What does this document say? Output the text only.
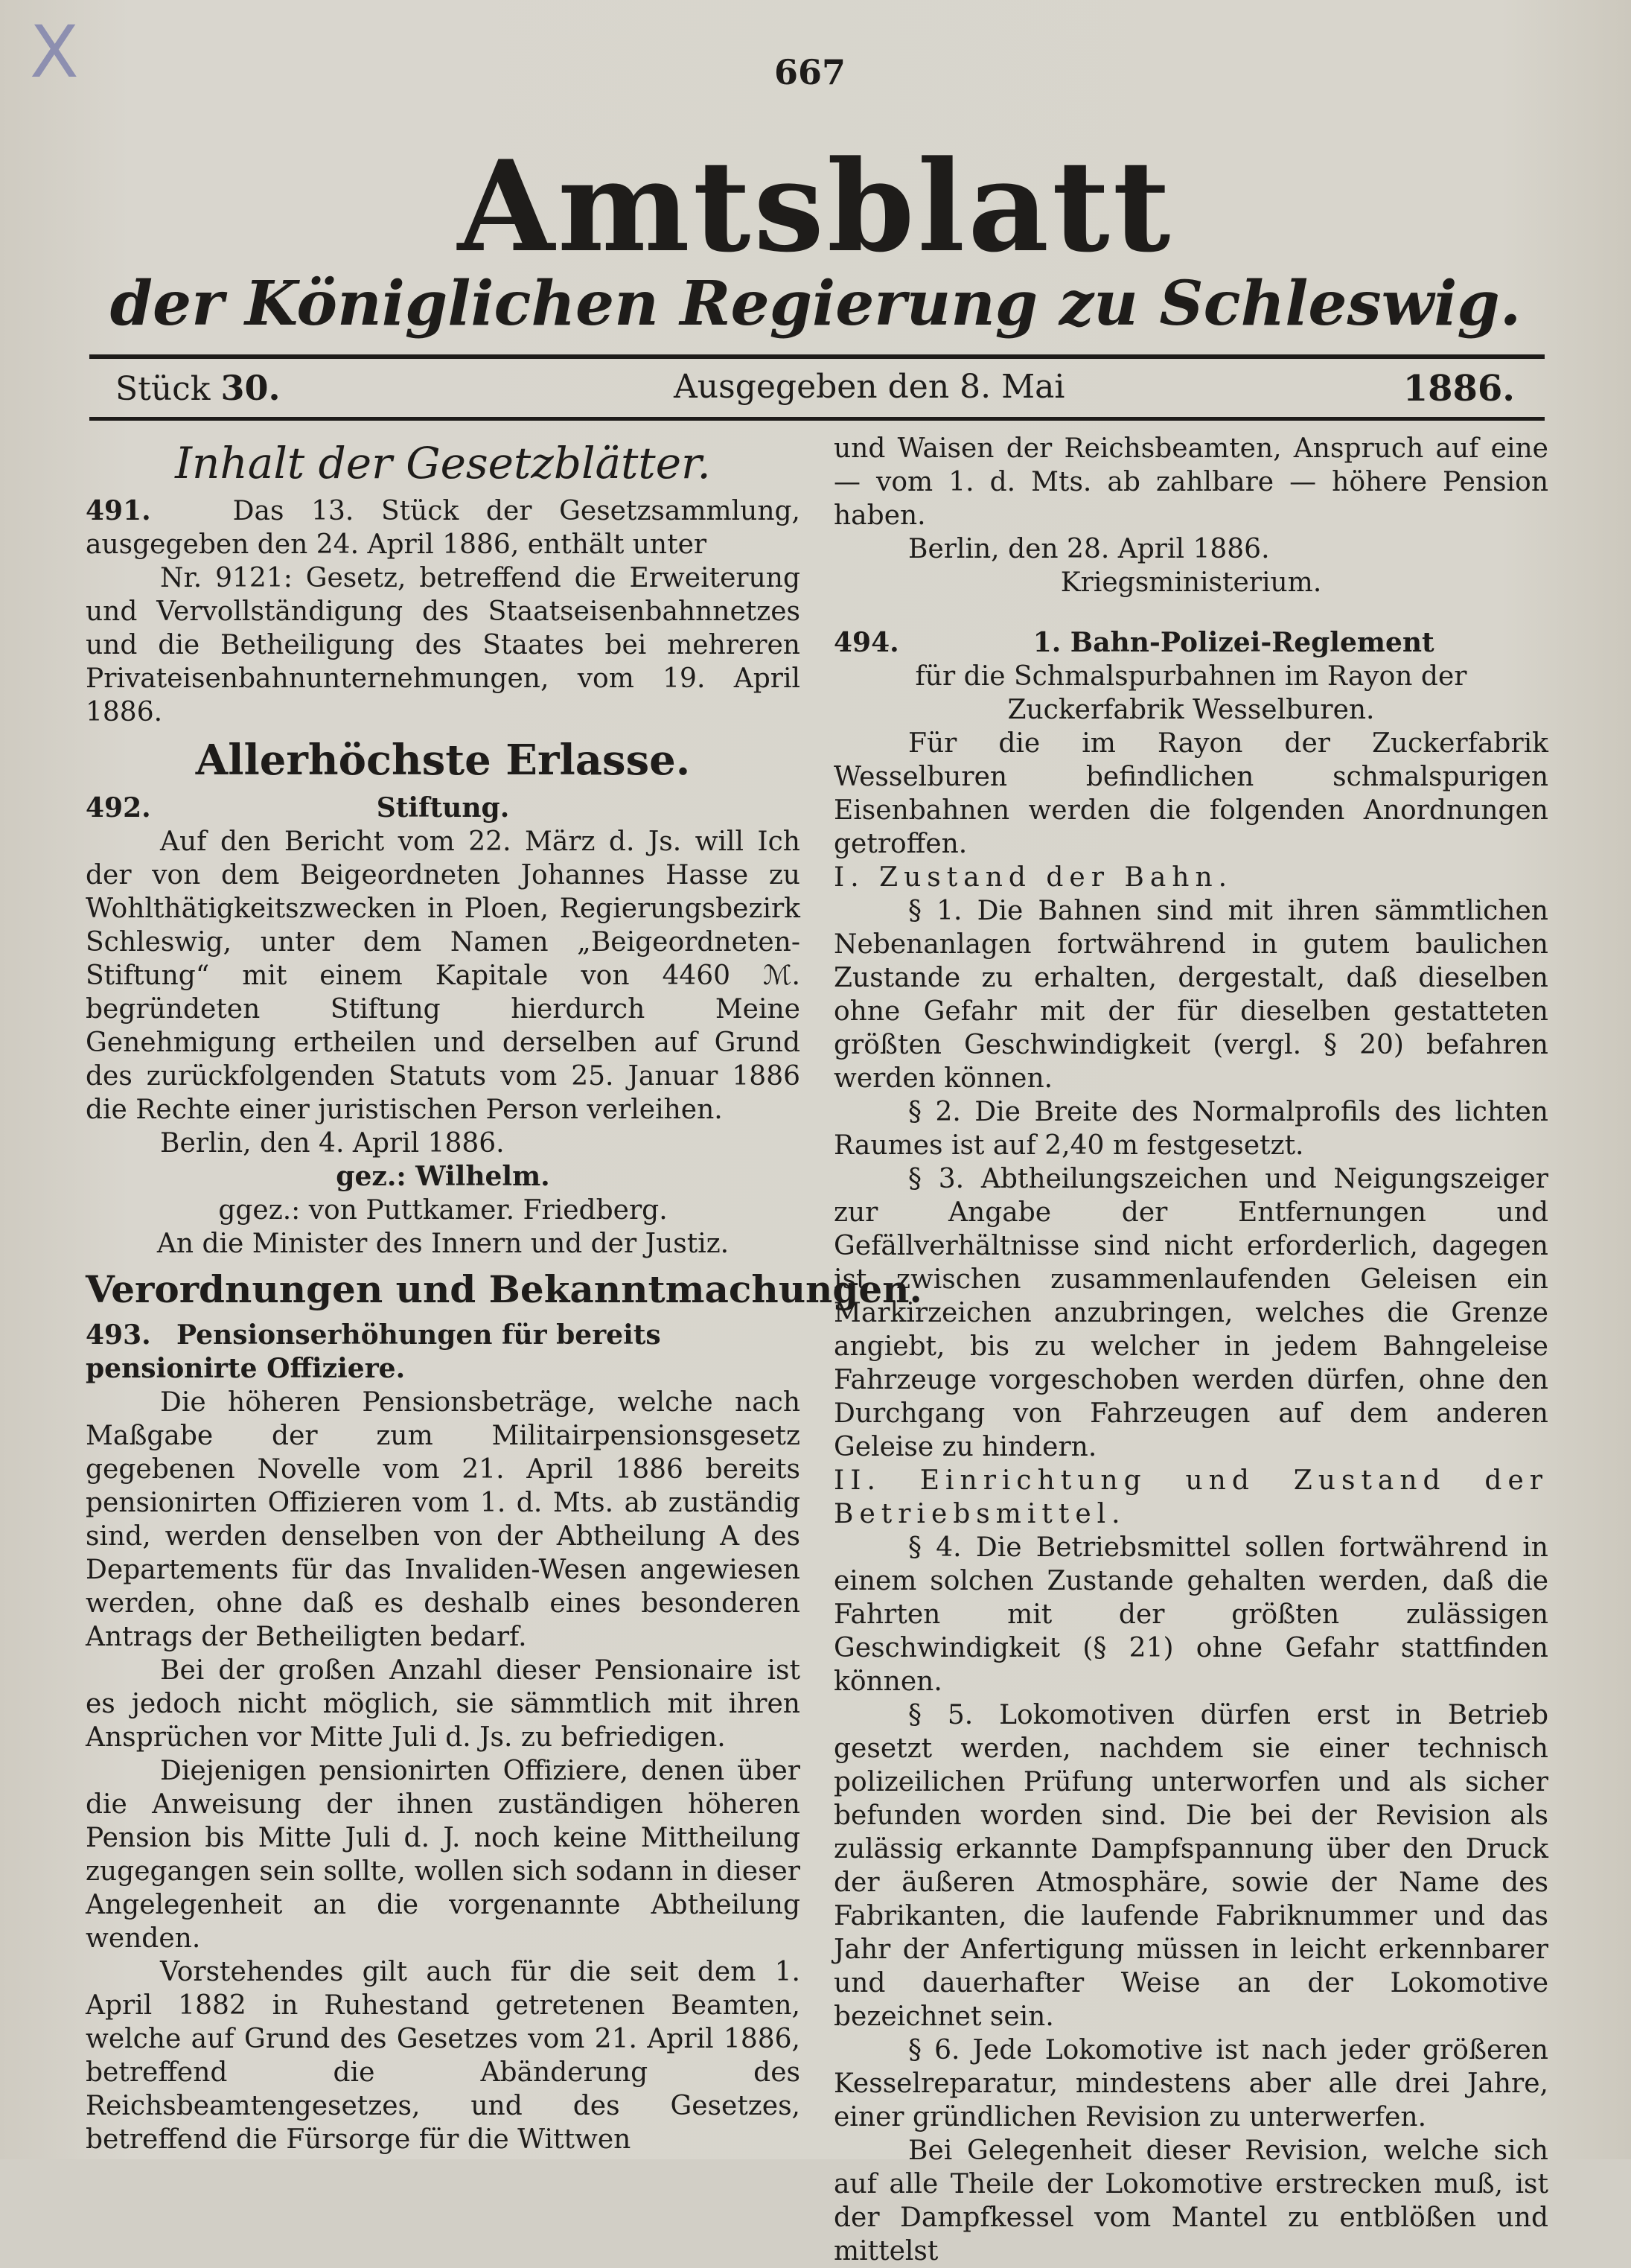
X	667
Amtsblatt
der Königlichen Regierung zu Schleswig.
Stück 30.	Ausgegeben den 8. Mai	1886.
Inhalt der Gesetzblätter.

491.	Das 13. Stück der Gesetzsammlung, ausgegeben den 24. April 1886, enthält unter

Nr. 9121: Gesetz, betreffend die Erweiterung und Vervollständigung des Staatseisenbahnnetzes und die Betheiligung des Staates bei mehreren Privateisenbahnunternehmungen, vom 19. April 1886.

Allerhöchste Erlasse.
492.	Stiftung.

Auf den Bericht vom 22. März d. Js. will Ich der von dem Beigeordneten Johannes Hasse zu Wohlthätigkeitszwecken in Ploen, Regierungsbezirk Schleswig, unter dem Namen „Beigeordneten-Stiftung“ mit einem Kapitale von 4460 ℳ. begründeten Stiftung hierdurch Meine Genehmigung ertheilen und derselben auf Grund des zurückfolgenden Statuts vom 25. Januar 1886 die Rechte einer juristischen Person verleihen.

Berlin, den 4. April 1886.

gez.: Wilhelm.

ggez.: von Puttkamer. Friedberg.

An die Minister des Innern und der Justiz.

Verordnungen und Bekanntmachungen.

493. Pensionserhöhungen für bereits pensionirte Offiziere.

Die höheren Pensionsbeträge, welche nach Maßgabe der zum Militairpensionsgesetz gegebenen Novelle vom 21. April 1886 bereits pensionirten Offizieren vom 1. d. Mts. ab zuständig sind, werden denselben von der Abtheilung A des Departements für das Invaliden-Wesen angewiesen werden, ohne daß es deshalb eines besonderen Antrags der Betheiligten bedarf.

Bei der großen Anzahl dieser Pensionaire ist es jedoch nicht möglich, sie sämmtlich mit ihren Ansprüchen vor Mitte Juli d. Js. zu befriedigen.

Diejenigen pensionirten Offiziere, denen über die Anweisung der ihnen zuständigen höheren Pension bis Mitte Juli d. J. noch keine Mittheilung zugegangen sein sollte, wollen sich sodann in dieser Angelegenheit an die vorgenannte Abtheilung wenden.

Vorstehendes gilt auch für die seit dem 1. April 1882 in Ruhestand getretenen Beamten, welche auf Grund des Gesetzes vom 21. April 1886, betreffend die Abänderung des Reichsbeamtengesetzes, und des Gesetzes, betreffend die Fürsorge für die Wittwen

und Waisen der Reichsbeamten, Anspruch auf eine — vom 1. d. Mts. ab zahlbare — höhere Pension haben.

Berlin, den 28. April 1886.

Kriegsministerium.

494.	1. Bahn-Polizei-Reglement

für die Schmalspurbahnen im Rayon der Zuckerfabrik Wesselburen.

Für die im Rayon der Zuckerfabrik Wesselburen befindlichen schmalspurigen Eisenbahnen werden die folgenden Anordnungen getroffen.

I. Zustand der Bahn.

§ 1. Die Bahnen sind mit ihren sämmtlichen Nebenanlagen fortwährend in gutem baulichen Zustande zu erhalten, dergestalt, daß dieselben ohne Gefahr mit der für dieselben gestatteten größten Geschwindigkeit (vergl. § 20) befahren werden können.

§ 2. Die Breite des Normalprofils des lichten Raumes ist auf 2,40 m festgesetzt.

§ 3. Abtheilungszeichen und Neigungszeiger zur Angabe der Entfernungen und Gefällverhältnisse sind nicht erforderlich, dagegen ist zwischen zusammenlaufenden Geleisen ein Markirzeichen anzubringen, welches die Grenze angiebt, bis zu welcher in jedem Bahngeleise Fahrzeuge vorgeschoben werden dürfen, ohne den Durchgang von Fahrzeugen auf dem anderen Geleise zu hindern.

II. Einrichtung und Zustand der Betriebsmittel.

§ 4. Die Betriebsmittel sollen fortwährend in einem solchen Zustande gehalten werden, daß die Fahrten mit der größten zulässigen Geschwindigkeit (§ 21) ohne Gefahr stattfinden können.

§ 5. Lokomotiven dürfen erst in Betrieb gesetzt werden, nachdem sie einer technisch polizeilichen Prüfung unterworfen und als sicher befunden worden sind. Die bei der Revision als zulässig erkannte Dampfspannung über den Druck der äußeren Atmosphäre, sowie der Name des Fabrikanten, die laufende Fabriknummer und das Jahr der Anfertigung müssen in leicht erkennbarer und dauerhafter Weise an der Lokomotive bezeichnet sein.

§ 6. Jede Lokomotive ist nach jeder größeren Kesselreparatur, mindestens aber alle drei Jahre, einer gründlichen Revision zu unterwerfen.

Bei Gelegenheit dieser Revision, welche sich auf alle Theile der Lokomotive erstrecken muß, ist der Dampfkessel vom Mantel zu entblößen und mittelst
